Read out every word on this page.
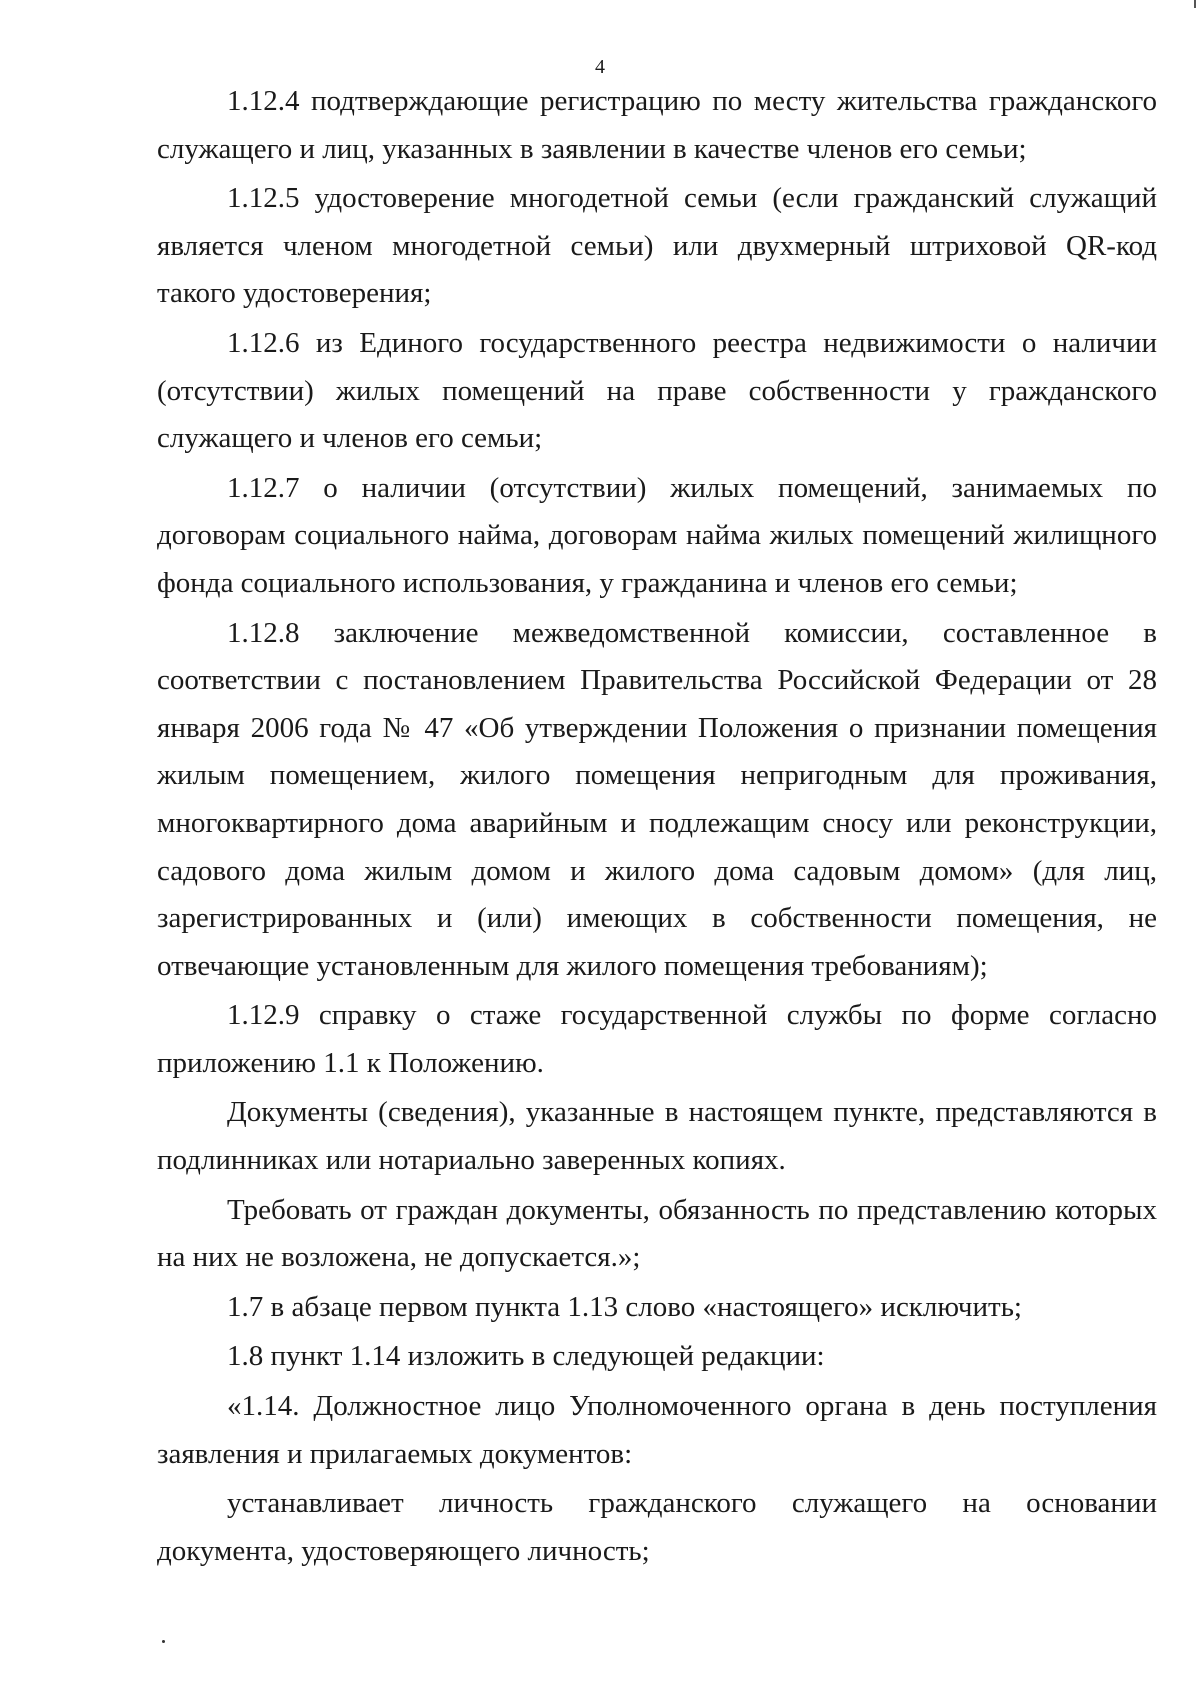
4

1.12.4 подтверждающие регистрацию по месту жительства гражданского служащего и лиц, указанных в заявлении в качестве членов его семьи;

1.12.5 удостоверение многодетной семьи (если гражданский служащий является членом многодетной семьи) или двухмерный штриховой QR-код такого удостоверения;

1.12.6 из Единого государственного реестра недвижимости о наличии (отсутствии) жилых помещений на праве собственности у гражданского служащего и членов его семьи;

1.12.7 о наличии (отсутствии) жилых помещений, занимаемых по договорам социального найма, договорам найма жилых помещений жилищного фонда социального использования, у гражданина и членов его семьи;

1.12.8 заключение межведомственной комиссии, составленное в соответствии с постановлением Правительства Российской Федерации от 28 января 2006 года № 47 «Об утверждении Положения о признании помещения жилым помещением, жилого помещения непригодным для проживания, многоквартирного дома аварийным и подлежащим сносу или реконструкции, садового дома жилым домом и жилого дома садовым домом» (для лиц, зарегистрированных и (или) имеющих в собственности помещения, не отвечающие установленным для жилого помещения требованиям);

1.12.9 справку о стаже государственной службы по форме согласно приложению 1.1 к Положению.

Документы (сведения), указанные в настоящем пункте, представляются в подлинниках или нотариально заверенных копиях.

Требовать от граждан документы, обязанность по представлению которых на них не возложена, не допускается.»;

1.7 в абзаце первом пункта 1.13 слово «настоящего» исключить;

1.8 пункт 1.14 изложить в следующей редакции:

«1.14. Должностное лицо Уполномоченного органа в день поступления заявления и прилагаемых документов:

устанавливает личность гражданского служащего на основании документа, удостоверяющего личность;
